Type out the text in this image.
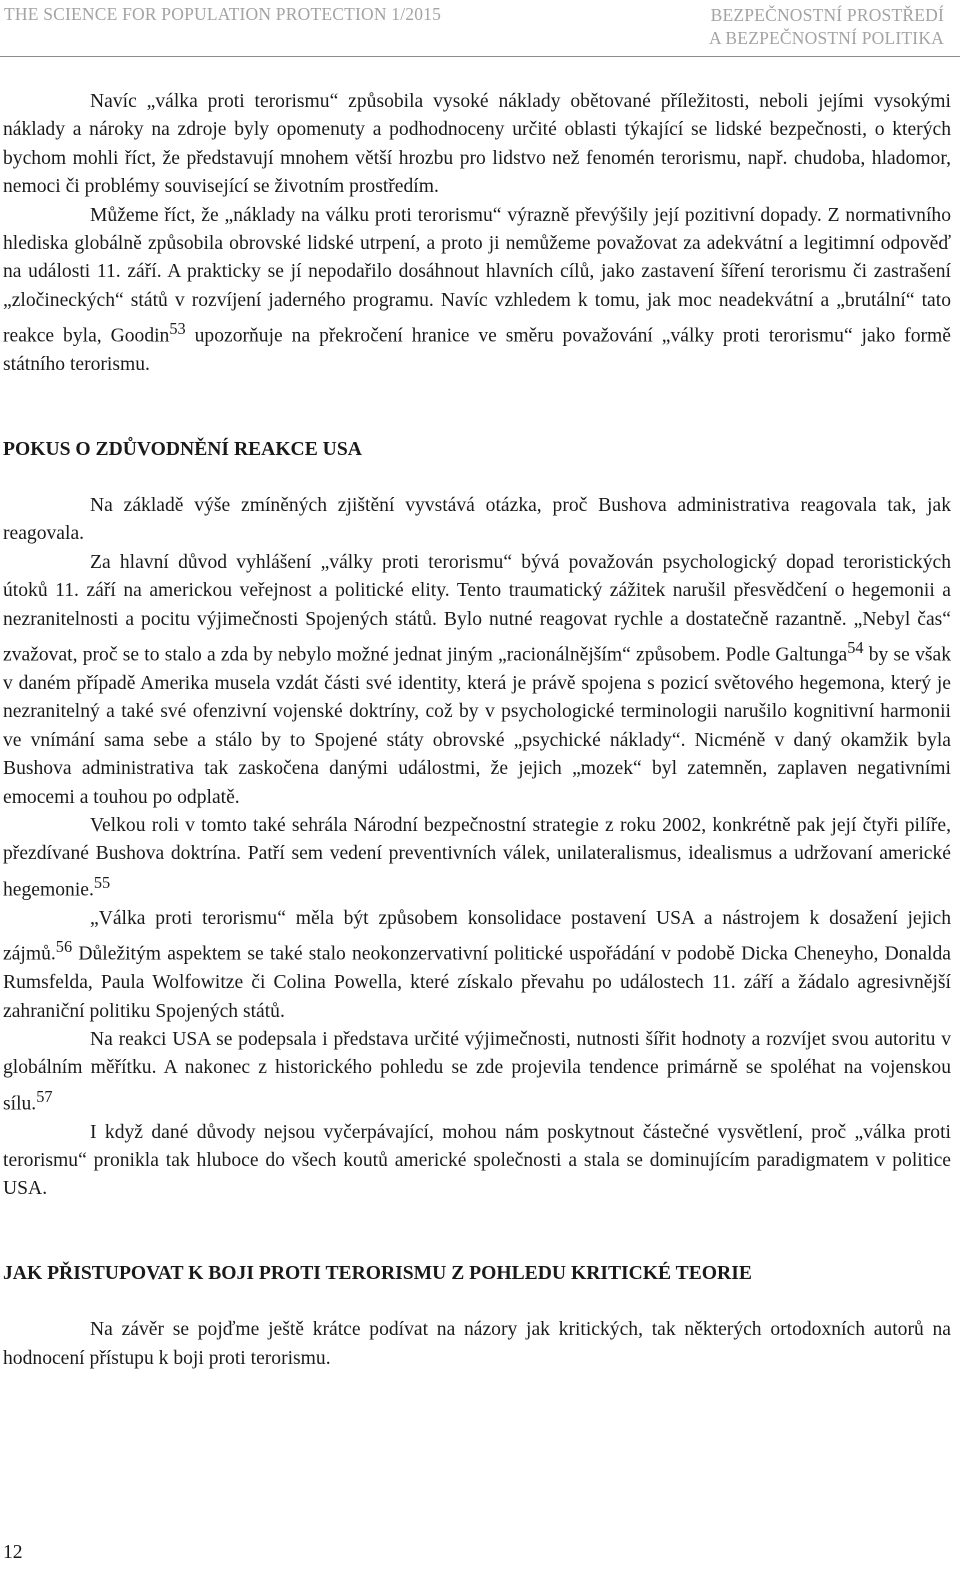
THE SCIENCE FOR POPULATION PROTECTION 1/2015	BEZPEČNOSTNÍ PROSTŘEDÍ
A BEZPEČNOSTNÍ POLITIKA

Navíc „válka proti terorismu“ způsobila vysoké náklady obětované příležitosti, neboli jejími vysokými náklady a nároky na zdroje byly opomenuty a podhodnoceny určité oblasti týkající se lidské bezpečnosti, o kterých bychom mohli říct, že představují mnohem větší hrozbu pro lidstvo než fenomén terorismu, např. chudoba, hladomor, nemoci či problémy související se životním prostředím.

Můžeme říct, že „náklady na válku proti terorismu“ výrazně převýšily její pozitivní dopady. Z normativního hlediska globálně způsobila obrovské lidské utrpení, a proto ji nemůžeme považovat za adekvátní a legitimní odpověď na události 11. září. A prakticky se jí nepodařilo dosáhnout hlavních cílů, jako zastavení šíření terorismu či zastrašení „zločineckých“ států v rozvíjení jaderného programu. Navíc vzhledem k tomu, jak moc neadekvátní a „brutální“ tato reakce byla, Goodin$^{53}$ upozorňuje na překročení hranice ve směru považování „války proti terorismu“ jako formě státního terorismu.

POKUS O ZDŮVODNĚNÍ REAKCE USA

Na základě výše zmíněných zjištění vyvstává otázka, proč Bushova administrativa reagovala tak, jak reagovala.

Za hlavní důvod vyhlášení „války proti terorismu“ bývá považován psychologický dopad teroristických útoků 11. září na americkou veřejnost a politické elity. Tento traumatický zážitek narušil přesvědčení o hegemonii a nezranitelnosti a pocitu výjimečnosti Spojených států. Bylo nutné reagovat rychle a dostatečně razantně. „Nebyl čas“ zvažovat, proč se to stalo a zda by nebylo možné jednat jiným „racionálnějším“ způsobem. Podle Galtunga$^{54}$ by se však v daném případě Amerika musela vzdát části své identity, která je právě spojena s pozicí světového hegemona, který je nezranitelný a také své ofenzivní vojenské doktríny, což by v psychologické terminologii narušilo kognitivní harmonii ve vnímání sama sebe a stálo by to Spojené státy obrovské „psychické náklady“. Nicméně v daný okamžik byla Bushova administrativa tak zaskočena danými událostmi, že jejich „mozek“ byl zatemněn, zaplaven negativními emocemi a touhou po odplatě.

Velkou roli v tomto také sehrála Národní bezpečnostní strategie z roku 2002, konkrétně pak její čtyři pilíře, přezdívané Bushova doktrína. Patří sem vedení preventivních válek, unilateralismus, idealismus a udržovaní americké hegemonie.$^{55}$

„Válka proti terorismu“ měla být způsobem konsolidace postavení USA a nástrojem k dosažení jejich zájmů.$^{56}$ Důležitým aspektem se také stalo neokonzervativní politické uspořádání v podobě Dicka Cheneyho, Donalda Rumsfelda, Paula Wolfowitze či Colina Powella, které získalo převahu po událostech 11. září a žádalo agresivnější zahraniční politiku Spojených států.

Na reakci USA se podepsala i představa určité výjimečnosti, nutnosti šířit hodnoty a rozvíjet svou autoritu v globálním měřítku. A nakonec z historického pohledu se zde projevila tendence primárně se spoléhat na vojenskou sílu.$^{57}$

I když dané důvody nejsou vyčerpávající, mohou nám poskytnout částečné vysvětlení, proč „válka proti terorismu“ pronikla tak hluboce do všech koutů americké společnosti a stala se dominujícím paradigmatem v politice USA.

JAK PŘISTUPOVAT K BOJI PROTI TERORISMU Z POHLEDU KRITICKÉ TEORIE

Na závěr se pojďme ještě krátce podívat na názory jak kritických, tak některých ortodoxních autorů na hodnocení přístupu k boji proti terorismu.

12
